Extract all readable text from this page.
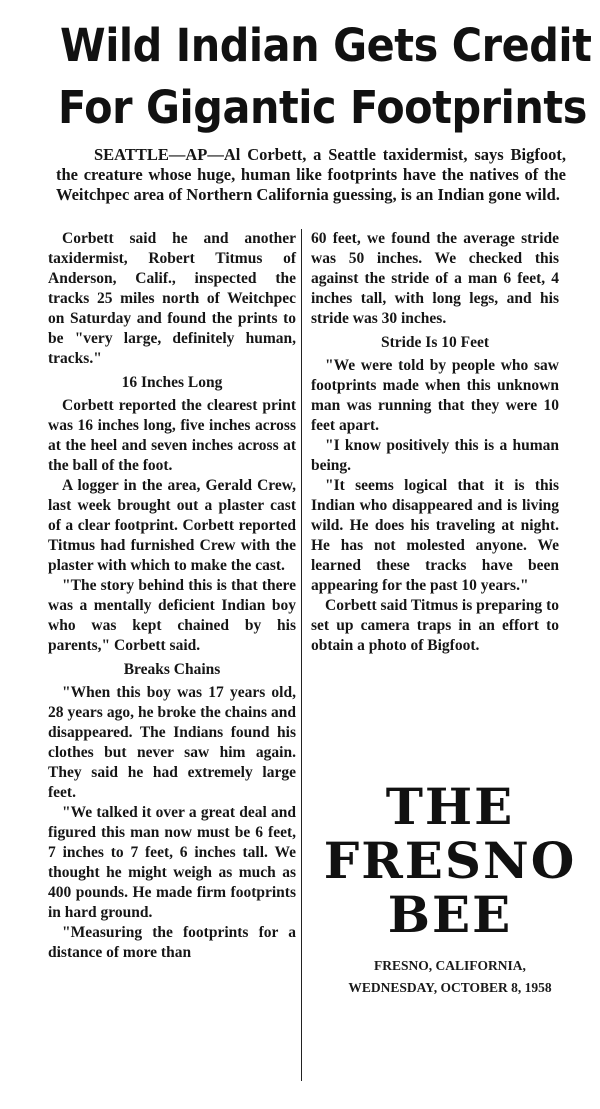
Wild Indian Gets Credit
For Gigantic Footprints

SEATTLE—AP—Al Corbett, a Seattle taxidermist, says Bigfoot, the creature whose huge, human like footprints have the natives of the Weitchpec area of Northern California guessing, is an Indian gone wild.

Corbett said he and another taxidermist, Robert Titmus of Anderson, Calif., inspected the tracks 25 miles north of Weitchpec on Saturday and found the prints to be "very large, definitely human, tracks."

16 Inches Long

Corbett reported the clearest print was 16 inches long, five inches across at the heel and seven inches across at the ball of the foot.

A logger in the area, Gerald Crew, last week brought out a plaster cast of a clear footprint. Corbett reported Titmus had furnished Crew with the plaster with which to make the cast.

"The story behind this is that there was a mentally deficient Indian boy who was kept chained by his parents," Corbett said.

Breaks Chains

"When this boy was 17 years old, 28 years ago, he broke the chains and disappeared. The Indians found his clothes but never saw him again. They said he had extremely large feet.

"We talked it over a great deal and figured this man now must be 6 feet, 7 inches to 7 feet, 6 inches tall. We thought he might weigh as much as 400 pounds. He made firm footprints in hard ground.

"Measuring the footprints for a distance of more than

60 feet, we found the average stride was 50 inches. We checked this against the stride of a man 6 feet, 4 inches tall, with long legs, and his stride was 30 inches.

Stride Is 10 Feet

"We were told by people who saw footprints made when this unknown man was running that they were 10 feet apart.

"I know positively this is a human being.

"It seems logical that it is this Indian who disappeared and is living wild. He does his traveling at night. He has not molested anyone. We learned these tracks have been appearing for the past 10 years."

Corbett said Titmus is preparing to set up camera traps in an effort to obtain a photo of Bigfoot.

THE
FRESNO
BEE
FRESNO, CALIFORNIA,
WEDNESDAY, OCTOBER 8, 1958
